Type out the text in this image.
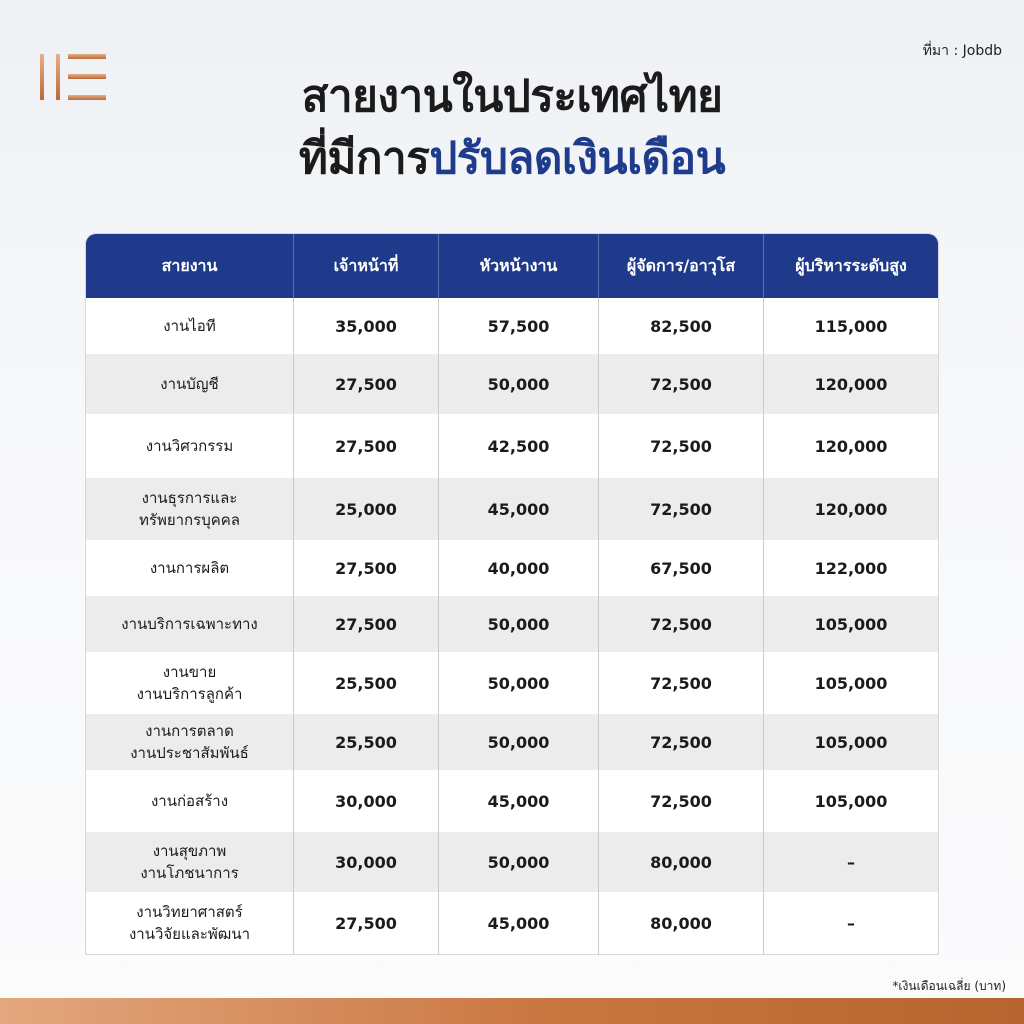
ที่มา : Jobdb
สายงานในประเทศไทย
ที่มีการปรับลดเงินเดือน
สายงาน	เจ้าหน้าที่	หัวหน้างาน	ผู้จัดการ/อาวุโส	ผู้บริหารระดับสูง
งานไอที	35,000	57,500	82,500	115,000
งานบัญชี	27,500	50,000	72,500	120,000
งานวิศวกรรม	27,500	42,500	72,500	120,000
งานธุรการและ
ทรัพยากรบุคคล
25,000	45,000	72,500	120,000
งานการผลิต	27,500	40,000	67,500	122,000
งานบริการเฉพาะทาง	27,500	50,000	72,500	105,000
งานขาย
งานบริการลูกค้า
25,500	50,000	72,500	105,000
งานการตลาด
งานประชาสัมพันธ์
25,500	50,000	72,500	105,000
งานก่อสร้าง	30,000	45,000	72,500	105,000
งานสุขภาพ
งานโภชนาการ
30,000	50,000	80,000	–
งานวิทยาศาสตร์
งานวิจัยและพัฒนา
27,500	45,000	80,000	–
*เงินเดือนเฉลี่ย (บาท)
